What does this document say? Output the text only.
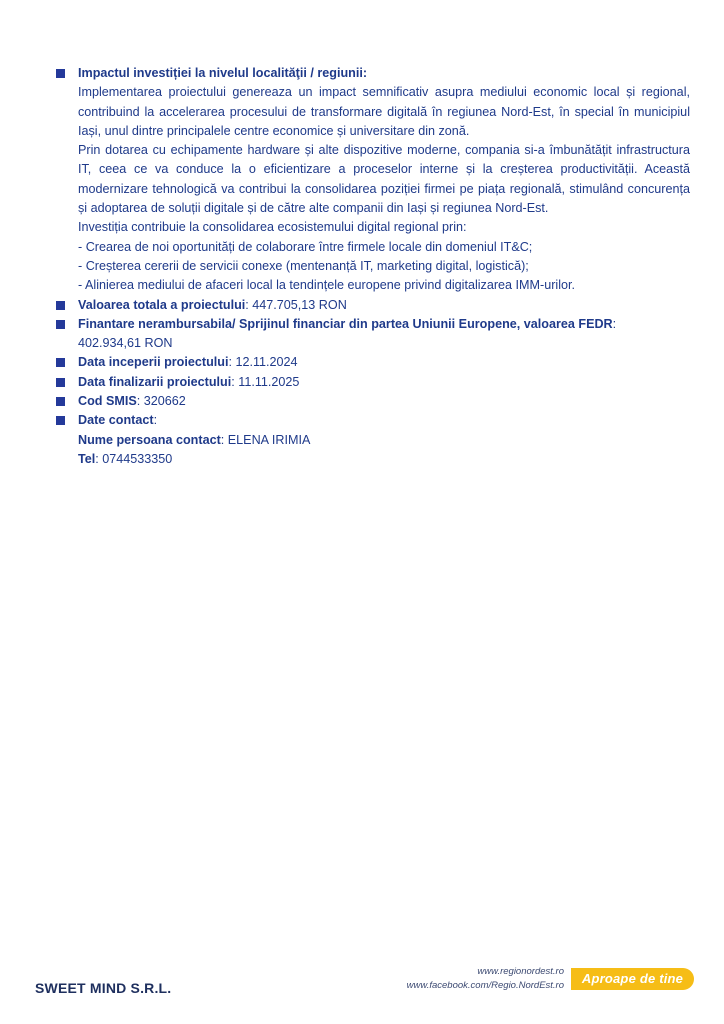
Impactul investiției la nivelul localităţii / regiunii:
Implementarea proiectului genereaza un impact semnificativ asupra mediului economic local și regional, contribuind la accelerarea procesului de transformare digitală în regiunea Nord-Est, în special în municipiul Iași, unul dintre principalele centre economice și universitare din zonă.
Prin dotarea cu echipamente hardware și alte dispozitive moderne, compania si-a îmbunătățit infrastructura IT, ceea ce va conduce la o eficientizare a proceselor interne și la creșterea productivității. Această modernizare tehnologică va contribui la consolidarea poziției firmei pe piața regională, stimulând concurența și adoptarea de soluții digitale și de către alte companii din Iași și regiunea Nord-Est.
Investiția contribuie la consolidarea ecosistemului digital regional prin:
- Crearea de noi oportunități de colaborare între firmele locale din domeniul IT&C;
- Creșterea cererii de servicii conexe (mentenanță IT, marketing digital, logistică);
- Alinierea mediului de afaceri local la tendințele europene privind digitalizarea IMM-urilor.
Valoarea totala a proiectului: 447.705,13 RON
Finantare nerambursabila/ Sprijinul financiar din partea Uniunii Europene, valoarea FEDR:
402.934,61 RON
Data inceperii proiectului: 12.11.2024
Data finalizarii proiectului: 11.11.2025
Cod SMIS: 320662
Date contact:
Nume persoana contact: ELENA IRIMIA
Tel: 0744533350
SWEET MIND S.R.L.
www.regionordest.ro
www.facebook.com/Regio.NordEst.ro	Aproape de tine
